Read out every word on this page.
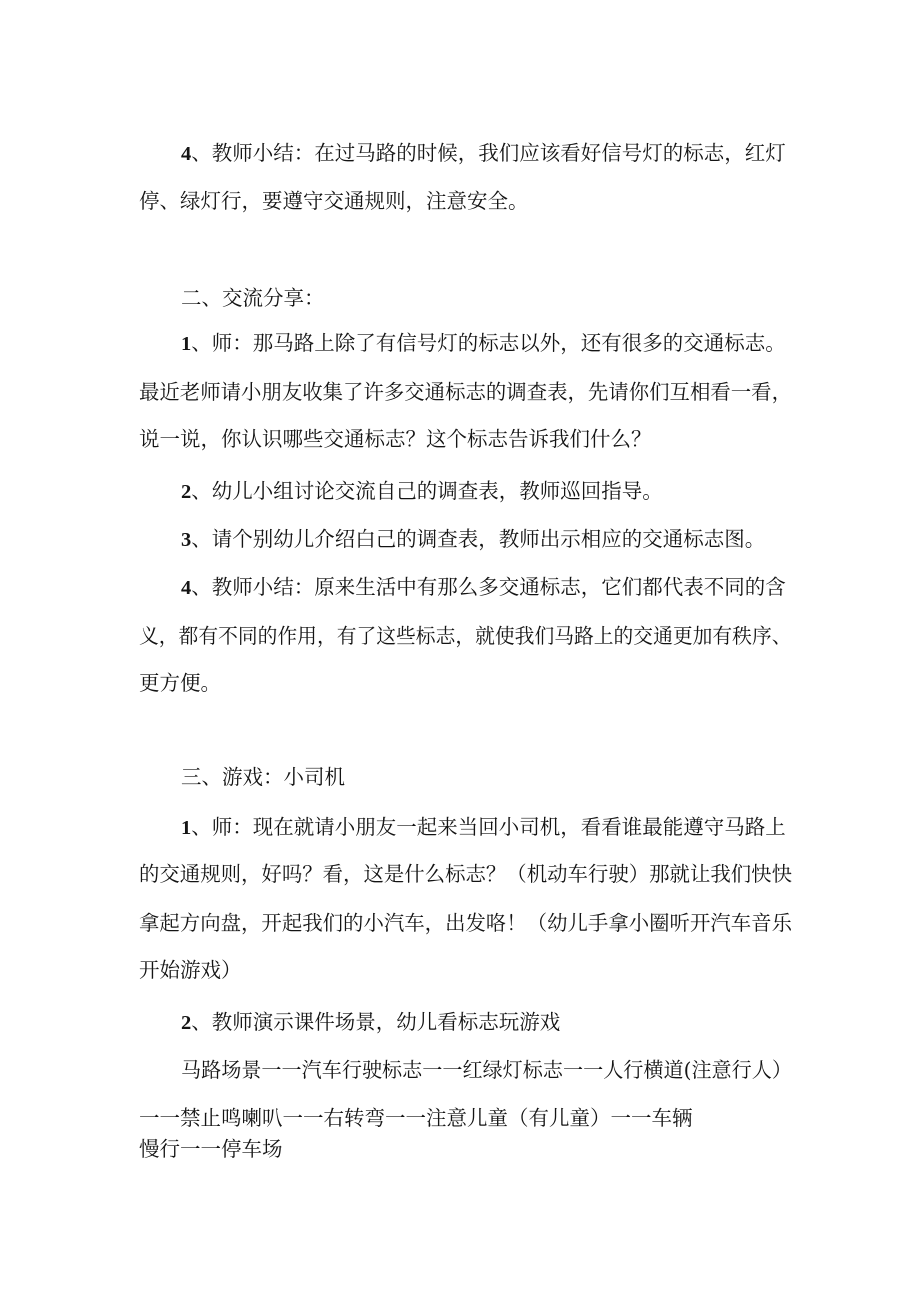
4、教师小结：在过马路的时候，我们应该看好信号灯的标志，红灯

停、绿灯行，要遵守交通规则，注意安全。

二、交流分享：

1、师：那马路上除了有信号灯的标志以外，还有很多的交通标志。

最近老师请小朋友收集了许多交通标志的调查表，先请你们互相看一看，

说一说，你认识哪些交通标志？这个标志告诉我们什么？

2、幼儿小组讨论交流自己的调查表，教师巡回指导。

3、请个别幼儿介绍白己的调查表，教师出示相应的交通标志图。

4、教师小结：原来生活中有那么多交通标志，它们都代表不同的含

义，都有不同的作用，有了这些标志，就使我们马路上的交通更加有秩序、

更方便。

三、游戏：小司机

1、师：现在就请小朋友一起来当回小司机，看看谁最能遵守马路上

的交通规则，好吗？看，这是什么标志？（机动车行驶）那就让我们快快

拿起方向盘，开起我们的小汽车，出发咯！（幼儿手拿小圈听开汽车音乐

开始游戏）

2、教师演示课件场景，幼儿看标志玩游戏

马路场景一一汽车行驶标志一一红绿灯标志一一人行横道(注意行人）

一一禁止鸣喇叭一一右转弯一一注意儿童（有儿童）一一车辆

慢行一一停车场
